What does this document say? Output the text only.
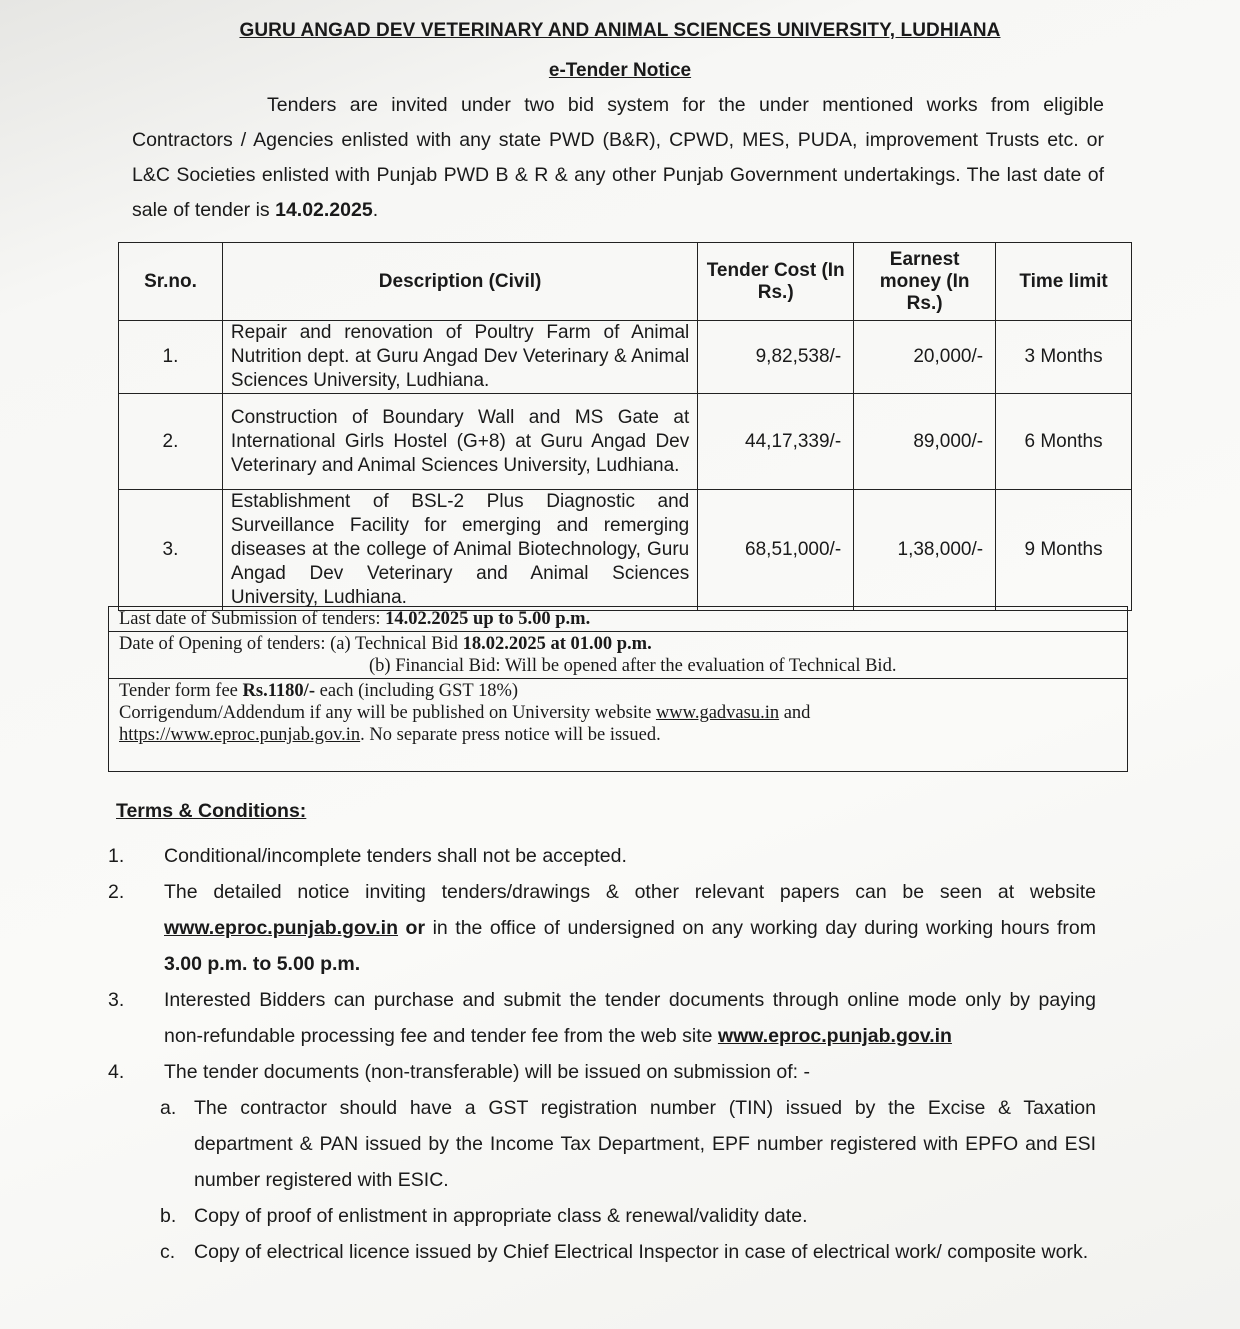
GURU ANGAD DEV VETERINARY AND ANIMAL SCIENCES UNIVERSITY, LUDHIANA
e-Tender Notice
Tenders are invited under two bid system for the under mentioned works from eligible Contractors / Agencies enlisted with any state PWD (B&R), CPWD, MES, PUDA, improvement Trusts etc. or L&C Societies enlisted with Punjab PWD B & R & any other Punjab Government undertakings. The last date of sale of tender is 14.02.2025.
Sr.no.	Description (Civil)	Tender Cost (In Rs.)	Earnest money (In Rs.)	Time limit
1.	Repair and renovation of Poultry Farm of Animal Nutrition dept. at Guru Angad Dev Veterinary & Animal Sciences University, Ludhiana.	9,82,538/-	20,000/-	3 Months
2.	Construction of Boundary Wall and MS Gate at International Girls Hostel (G+8) at Guru Angad Dev Veterinary and Animal Sciences University, Ludhiana.	44,17,339/-	89,000/-	6 Months
3.	Establishment of BSL-2 Plus Diagnostic and Surveillance Facility for emerging and remerging diseases at the college of Animal Biotechnology, Guru Angad Dev Veterinary and Animal Sciences University, Ludhiana.	68,51,000/-	1,38,000/-	9 Months
Last date of Submission of tenders: 14.02.2025 up to 5.00 p.m.
Date of Opening of tenders: (a) Technical Bid 18.02.2025 at 01.00 p.m.
(b) Financial Bid: Will be opened after the evaluation of Technical Bid.
Tender form fee Rs.1180/- each (including GST 18%)
Corrigendum/Addendum if any will be published on University website www.gadvasu.in and
https://www.eproc.punjab.gov.in. No separate press notice will be issued.
Terms & Conditions:
1.	Conditional/incomplete tenders shall not be accepted.
2.	The detailed notice inviting tenders/drawings & other relevant papers can be seen at website www.eproc.punjab.gov.in or in the office of undersigned on any working day during working hours from 3.00 p.m. to 5.00 p.m.
3.	Interested Bidders can purchase and submit the tender documents through online mode only by paying non-refundable processing fee and tender fee from the web site www.eproc.punjab.gov.in
4.	The tender documents (non-transferable) will be issued on submission of: -
a. The contractor should have a GST registration number (TIN) issued by the Excise & Taxation department & PAN issued by the Income Tax Department, EPF number registered with EPFO and ESI number registered with ESIC.
b. Copy of proof of enlistment in appropriate class & renewal/validity date.
c. Copy of electrical licence issued by Chief Electrical Inspector in case of electrical work/ composite work.
